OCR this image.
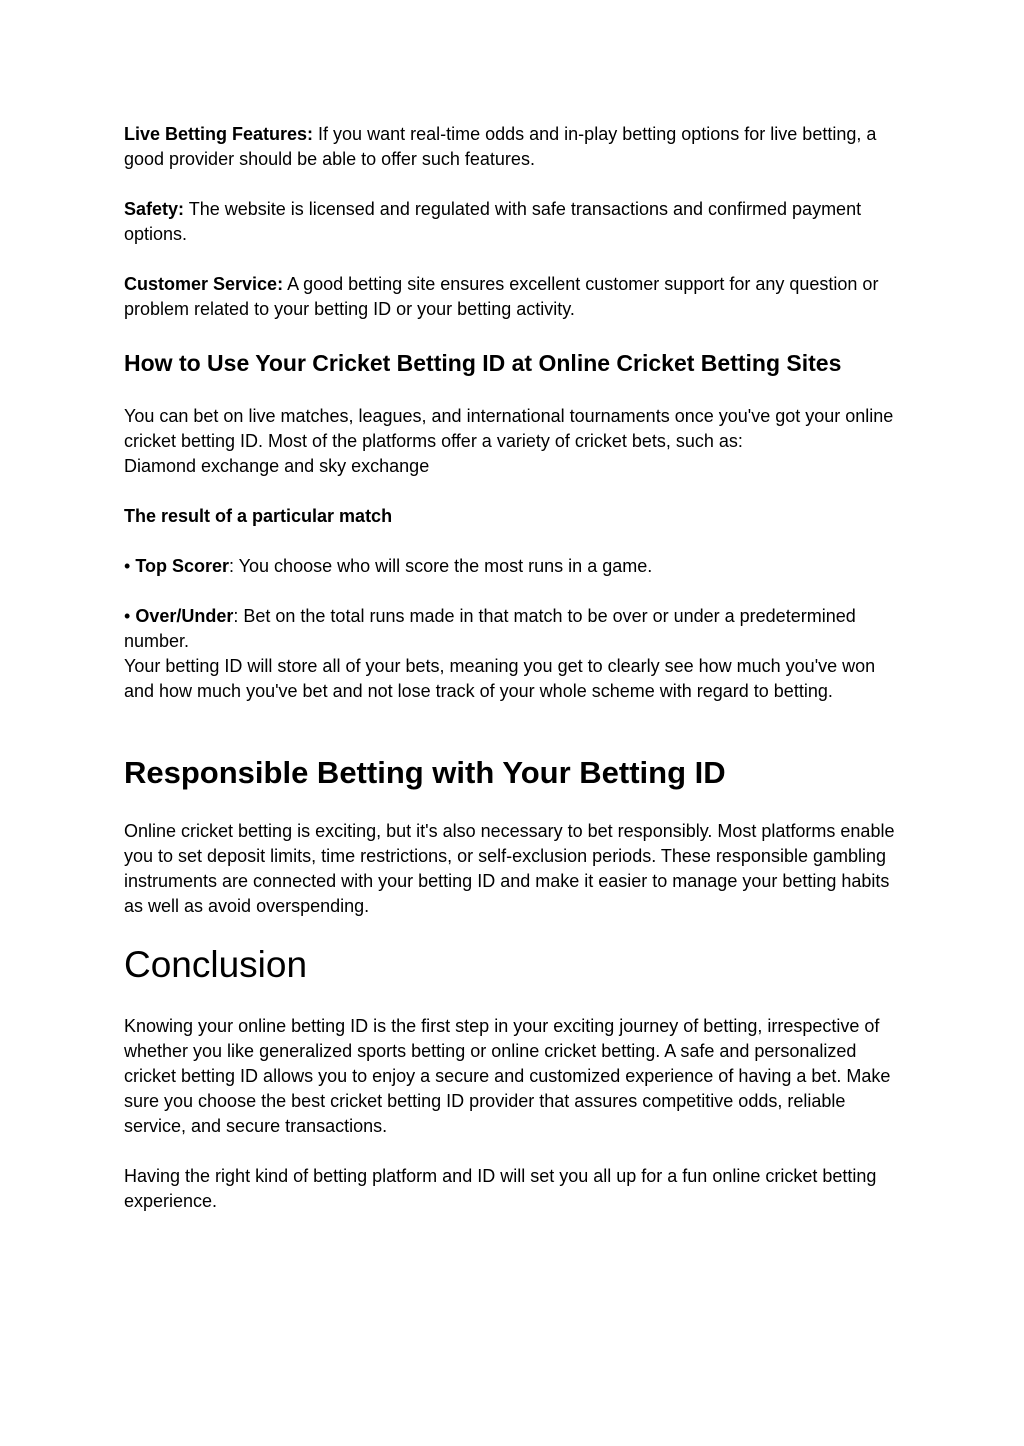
Live Betting Features: If you want real-time odds and in-play betting options for live betting, a good provider should be able to offer such features.

Safety: The website is licensed and regulated with safe transactions and confirmed payment options.

Customer Service: A good betting site ensures excellent customer support for any question or problem related to your betting ID or your betting activity.

How to Use Your Cricket Betting ID at Online Cricket Betting Sites

You can bet on live matches, leagues, and international tournaments once you've got your online cricket betting ID. Most of the platforms offer a variety of cricket bets, such as:
Diamond exchange and sky exchange

The result of a particular match

• Top Scorer: You choose who will score the most runs in a game.

• Over/Under: Bet on the total runs made in that match to be over or under a predetermined number.

Your betting ID will store all of your bets, meaning you get to clearly see how much you've won and how much you've bet and not lose track of your whole scheme with regard to betting.

Responsible Betting with Your Betting ID

Online cricket betting is exciting, but it's also necessary to bet responsibly. Most platforms enable you to set deposit limits, time restrictions, or self-exclusion periods. These responsible gambling instruments are connected with your betting ID and make it easier to manage your betting habits as well as avoid overspending.

Conclusion

Knowing your online betting ID is the first step in your exciting journey of betting, irrespective of whether you like generalized sports betting or online cricket betting. A safe and personalized cricket betting ID allows you to enjoy a secure and customized experience of having a bet. Make sure you choose the best cricket betting ID provider that assures competitive odds, reliable service, and secure transactions.

Having the right kind of betting platform and ID will set you all up for a fun online cricket betting experience.
